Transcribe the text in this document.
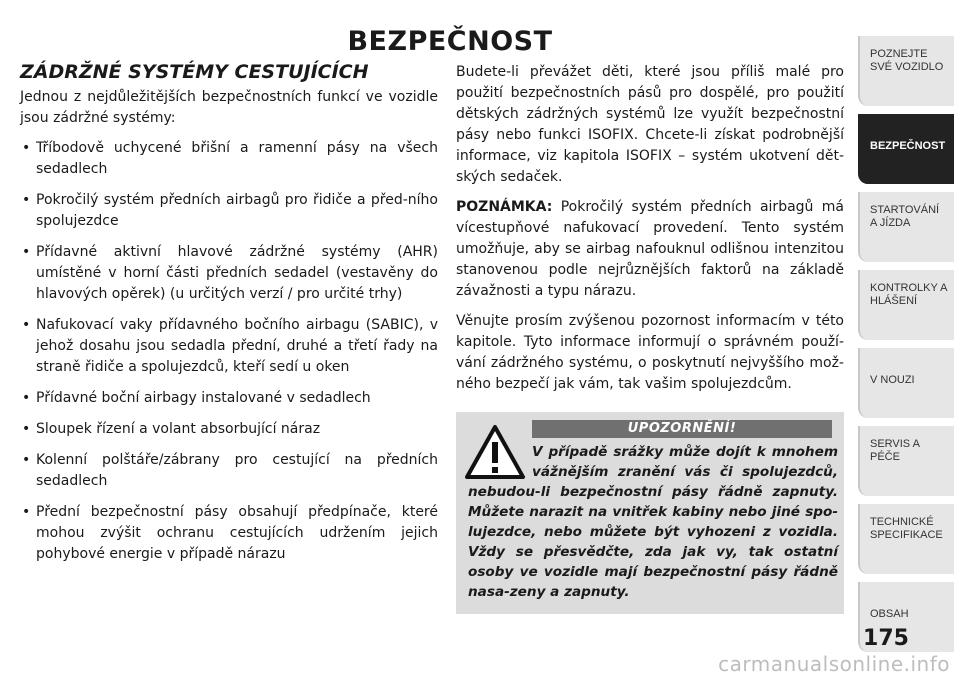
BEZPEČNOST
ZÁDRŽNÉ SYSTÉMY CESTUJÍCÍCH

Jednou z nejdůležitějších bezpečnostních funkcí ve vozidle jsou zádržné systémy:

• Tříbodově uchycené břišní a ramenní pásy na všech sedadlech
• Pokročilý systém předních airbagů pro řidiče a před-ního spolujezdce
• Přídavné aktivní hlavové zádržné systémy (AHR) umístěné v horní části předních sedadel (vestavěny do hlavových opěrek) (u určitých verzí / pro určité trhy)
• Nafukovací vaky přídavného bočního airbagu (SABIC), v jehož dosahu jsou sedadla přední, druhé a třetí řady na straně řidiče a spolujezdců, kteří sedí u oken
• Přídavné boční airbagy instalované v sedadlech
• Sloupek řízení a volant absorbující náraz
• Kolenní polštáře/zábrany pro cestující na předních sedadlech
• Přední bezpečnostní pásy obsahují předpínače, které mohou zvýšit ochranu cestujících udržením jejich pohybové energie v případě nárazu

Budete-li převážet děti, které jsou příliš malé pro použití bezpečnostních pásů pro dospělé, pro použití dětských zádržných systémů lze využít bezpečnostní pásy nebo funkci ISOFIX. Chcete-li získat podrobnější informace, viz kapitola ISOFIX – systém ukotvení dět-ských sedaček.

POZNÁMKA: Pokročilý systém předních airbagů má vícestupňové nafukovací provedení. Tento systém umožňuje, aby se airbag nafouknul odlišnou intenzitou stanovenou podle nejrůznějších faktorů na základě závažnosti a typu nárazu.

Věnujte prosím zvýšenou pozornost informacím v této kapitole. Tyto informace informují o správném použí-vání zádržného systému, o poskytnutí nejvyššího mož-ného bezpečí jak vám, tak vašim spolujezdcům.

UPOZORNĚNÍ!
V případě srážky může dojít k mnohem vážnějším zranění vás či spolujezdců, nebudou-li bezpečnostní pásy řádně zapnuty. Můžete narazit na vnitřek kabiny nebo jiné spo-lujezdce, nebo můžete být vyhozeni z vozidla. Vždy se přesvědčte, zda jak vy, tak ostatní osoby ve vozidle mají bezpečnostní pásy řádně nasa-zeny a zapnuty.
POZNEJTE SVÉ VOZIDLO
BEZPEČNOST
STARTOVÁNÍ A JÍZDA
KONTROLKY A HLÁŠENÍ
V NOUZI
SERVIS A PÉČE
TECHNICKÉ SPECIFIKACE
OBSAH
175
carmanualsonline.info
